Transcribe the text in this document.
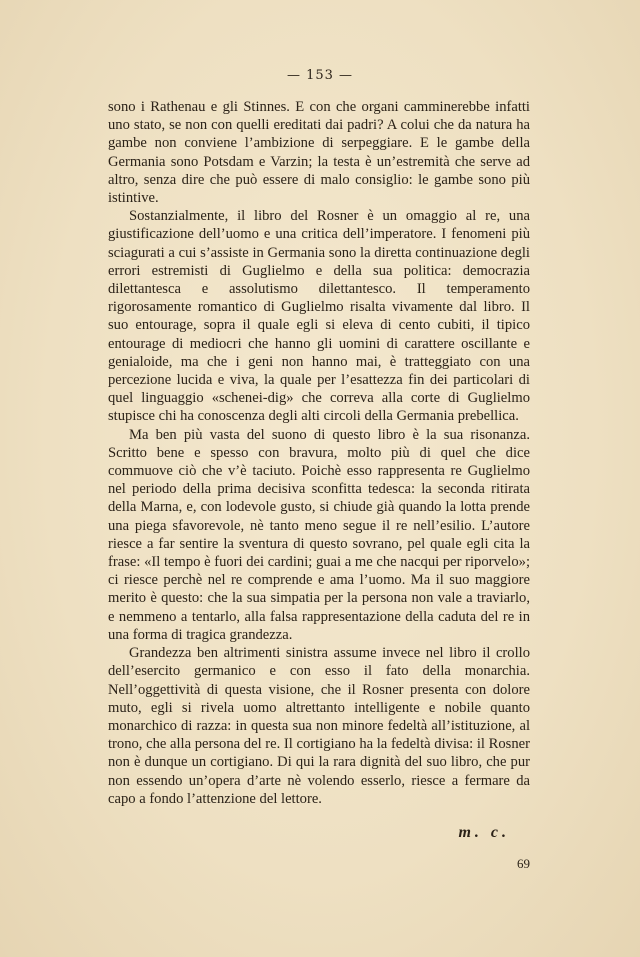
— 153 —

sono i Rathenau e gli Stinnes. E con che organi camminerebbe infatti uno stato, se non con quelli ereditati dai padri? A colui che da natura ha gambe non conviene l’ambizione di serpeggiare. E le gambe della Germania sono Potsdam e Varzin; la testa è un’estremità che serve ad altro, senza dire che può essere di malo consiglio: le gambe sono più istintive.

Sostanzialmente, il libro del Rosner è un omaggio al re, una giustificazione dell’uomo e una critica dell’imperatore. I fenomeni più sciagurati a cui s’assiste in Germania sono la diretta continuazione degli errori estremisti di Guglielmo e della sua politica: democrazia dilettantesca e assolutismo dilettantesco. Il temperamento rigorosamente romantico di Guglielmo risalta vivamente dal libro. Il suo entourage, sopra il quale egli si eleva di cento cubiti, il tipico entourage di mediocri che hanno gli uomini di carattere oscillante e genialoide, ma che i geni non hanno mai, è tratteggiato con una percezione lucida e viva, la quale per l’esattezza fin dei particolari di quel linguaggio «schenei-dig» che correva alla corte di Guglielmo stupisce chi ha conoscenza degli alti circoli della Germania prebellica.

Ma ben più vasta del suono di questo libro è la sua risonanza. Scritto bene e spesso con bravura, molto più di quel che dice commuove ciò che v’è taciuto. Poichè esso rappresenta re Guglielmo nel periodo della prima decisiva sconfitta tedesca: la seconda ritirata della Marna, e, con lodevole gusto, si chiude già quando la lotta prende una piega sfavorevole, nè tanto meno segue il re nell’esilio. L’autore riesce a far sentire la sventura di questo sovrano, pel quale egli cita la frase: «Il tempo è fuori dei cardini; guai a me che nacqui per riporvelo»; ci riesce perchè nel re comprende e ama l’uomo. Ma il suo maggiore merito è questo: che la sua simpatia per la persona non vale a traviarlo, e nemmeno a tentarlo, alla falsa rappresentazione della caduta del re in una forma di tragica grandezza.

Grandezza ben altrimenti sinistra assume invece nel libro il crollo dell’esercito germanico e con esso il fato della monarchia. Nell’oggettività di questa visione, che il Rosner presenta con dolore muto, egli si rivela uomo altrettanto intelligente e nobile quanto monarchico di razza: in questa sua non minore fedeltà all’istituzione, al trono, che alla persona del re. Il cortigiano ha la fedeltà divisa: il Rosner non è dunque un cortigiano. Di qui la rara dignità del suo libro, che pur non essendo un’opera d’arte nè volendo esserlo, riesce a fermare da capo a fondo l’attenzione del lettore.

m. c.
69
